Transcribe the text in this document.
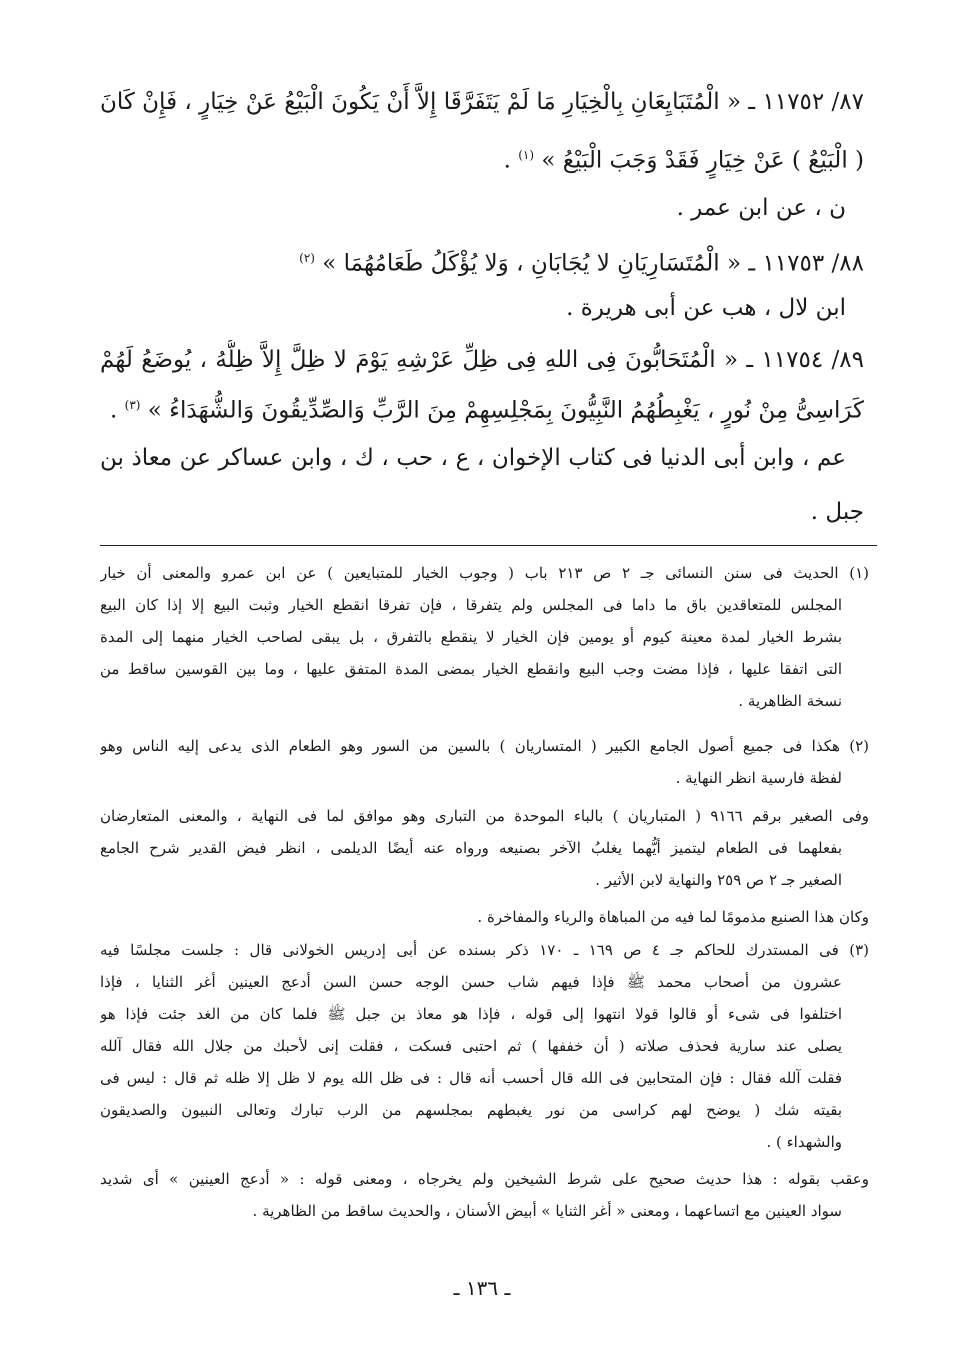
٨٧/ ١١٧٥٢ ـ « الْمُتَبَايِعَانِ بِالْخِيَارِ مَا لَمْ يَتَفَرَّقَا إِلاَّ أَنْ يَكُونَ الْبَيْعُ عَنْ خِيَارٍ ، فَإِنْ كَانَ
( الْبَيْعُ ) عَنْ خِيَارٍ فَقَدْ وَجَبَ الْبَيْعُ » $^{(١)}$ .
ن ، عن ابن عمر .
٨٨/ ١١٧٥٣ ـ « الْمُتَسَارِيَانِ لا يُجَابَانِ ، وَلا يُؤْكَلُ طَعَامُهُمَا » $^{(٢)}$
ابن لال ، هب عن أبى هريرة .
٨٩/ ١١٧٥٤ ـ « الْمُتَحَابُّونَ فِى اللهِ فِى ظِلِّ عَرْشِهِ يَوْمَ لا ظِلَّ إِلاَّ ظِلُّهُ ، يُوضَعُ لَهُمْ
كَرَاسِىُّ مِنْ نُورٍ ، يَغْبِطُهُمُ النَّبِيُّونَ بِمَجْلِسِهِمْ مِنَ الرَّبِّ وَالصِّدِّيقُونَ وَالشُّهَدَاءُ » $^{(٣)}$ .
عم ، وابن أبى الدنيا فى كتاب الإخوان ، ع ، حب ، ك ، وابن عساكر عن معاذ بن
جبل .
(١) الحديث فى سنن النسائى جـ ٢ ص ٢١٣ باب ( وجوب الخيار للمتبايعين ) عن ابن عمرو والمعنى أن خيار
المجلس للمتعاقدين باق ما داما فى المجلس ولم يتفرقا ، فإن تفرقا انقطع الخيار وثبت البيع إلا إذا كان البيع
بشرط الخيار لمدة معينة كيوم أو يومين فإن الخيار لا ينقطع بالتفرق ، بل يبقى لصاحب الخيار منهما إلى المدة
التى اتفقا عليها ، فإذا مضت وجب البيع وانقطع الخيار بمضى المدة المتفق عليها ، وما بين القوسين ساقط من
نسخة الظاهرية .
(٢) هكذا فى جميع أصول الجامع الكبير ( المتساريان ) بالسين من السور وهو الطعام الذى يدعى إليه الناس وهو
لفظة فارسية انظر النهاية .
وفى الصغير برقم ٩١٦٦ ( المتباريان ) بالباء الموحدة من التبارى وهو موافق لما فى النهاية ، والمعنى المتعارضان
بفعلهما فى الطعام ليتميز أيُّهما يغلبُ الآخر بصنيعه ورواه عنه أيضًا الديلمى ، انظر فيض القدير شرح الجامع
الصغير جـ ٢ ص ٢٥٩ والنهاية لابن الأثير .
وكان هذا الصنيع مذمومًا لما فيه من المباهاة والرياء والمفاخرة .
(٣) فى المستدرك للحاكم جـ ٤ ص ١٦٩ ـ ١٧٠ ذكر بسنده عن أبى إدريس الخولانى قال : جلست مجلسًا فيه
عشرون من أصحاب محمد ﷺ فإذا فيهم شاب حسن الوجه حسن السن أدعج العينين أغر الثنايا ، فإذا
اختلفوا فى شىء أو قالوا قولا انتهوا إلى قوله ، فإذا هو معاذ بن جبل ﷺ فلما كان من الغد جئت فإذا هو
يصلى عند سارية فحذف صلاته ( أن خففها ) ثم احتبى فسكت ، فقلت إنى لأحبك من جلال الله فقال آلله
فقلت آلله فقال : فإن المتحابين فى الله قال أحسب أنه قال : فى ظل الله يوم لا ظل إلا ظله ثم قال : ليس فى
بقيته شك ( يوضح لهم كراسى من نور يغبطهم بمجلسهم من الرب تبارك وتعالى النبيون والصديقون
والشهداء ) .
وعقب بقوله : هذا حديث صحيح على شرط الشيخين ولم يخرجاه ، ومعنى قوله : « أدعج العينين » أى شديد
سواد العينين مع اتساعهما ، ومعنى « أغر الثنايا » أبيض الأسنان ، والحديث ساقط من الظاهرية .
ـ ١٣٦ ـ
